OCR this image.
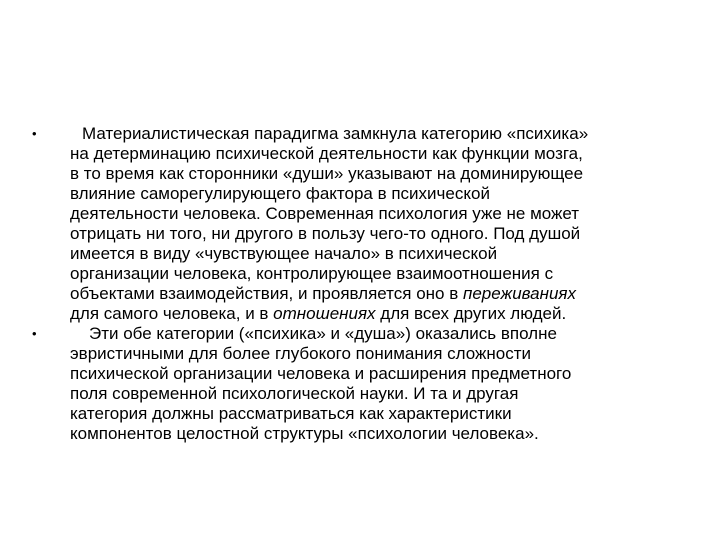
•	Материалистическая парадигма замкнула категорию «психика»
на детерминацию психической деятельности как функции мозга,
в то время как сторонники «души» указывают на доминирующее
влияние саморегулирующего фактора в психической
деятельности человека. Современная психология уже не может
отрицать ни того, ни другого в пользу чего-то одного. Под душой
имеется в виду «чувствующее начало» в психической
организации человека, контролирующее взаимоотношения с
объектами взаимодействия, и проявляется оно в переживаниях
для самого человека, и в отношениях для всех других людей.
•	Эти обе категории («психика» и «душа») оказались вполне
эвристичными для более глубокого понимания сложности
психической организации человека и расширения предметного
поля современной психологической науки. И та и другая
категория должны рассматриваться как характеристики
компонентов целостной структуры «психологии человека».
